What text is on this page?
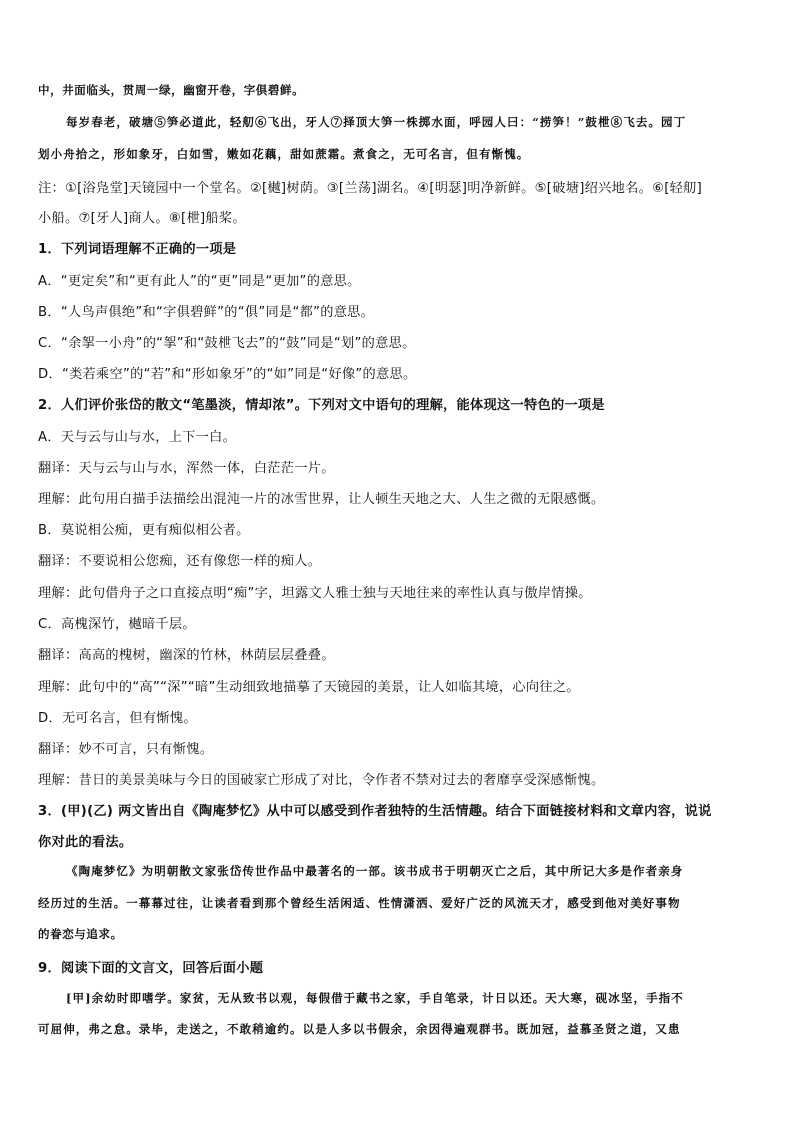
中，井面临头，贯周一绿，幽窗开卷，字俱碧鲜。
每岁春老，破塘⑤笋必道此，轻舠⑥飞出，牙人⑦择顶大笋一株掷水面，呼园人曰：“捞笋！”鼓枻⑧飞去。园丁
划小舟拾之，形如象牙，白如雪，嫩如花藕，甜如蔗霜。煮食之，无可名言，但有惭愧。
注：①[浴凫堂]天镜园中一个堂名。②[樾]树荫。③[兰荡]湖名。④[明瑟]明净新鲜。⑤[破塘]绍兴地名。⑥[轻舠]
小船。⑦[牙人]商人。⑧[枻]船桨。
1．下列词语理解不正确的一项是
A．“更定矣”和“更有此人”的“更”同是“更加”的意思。
B．“人鸟声俱绝”和“字俱碧鲜”的“俱”同是“都”的意思。
C．“余挐一小舟”的“挐”和“鼓枻飞去”的“鼓”同是“划”的意思。
D．“类若乘空”的“若”和“形如象牙”的“如”同是“好像”的意思。
2．人们评价张岱的散文“笔墨淡，情却浓”。下列对文中语句的理解，能体现这一特色的一项是
A．天与云与山与水，上下一白。
翻译：天与云与山与水，浑然一体，白茫茫一片。
理解：此句用白描手法描绘出混沌一片的冰雪世界，让人顿生天地之大、人生之微的无限感慨。
B．莫说相公痴，更有痴似相公者。
翻译：不要说相公您痴，还有像您一样的痴人。
理解：此句借舟子之口直接点明“痴”字，坦露文人雅士独与天地往来的率性认真与傲岸情操。
C．高槐深竹，樾暗千层。
翻译：高高的槐树，幽深的竹林，林荫层层叠叠。
理解：此句中的“高”“深”“暗”生动细致地描摹了天镜园的美景，让人如临其境，心向往之。
D．无可名言，但有惭愧。
翻译：妙不可言，只有惭愧。
理解：昔日的美景美味与今日的国破家亡形成了对比，令作者不禁对过去的奢靡享受深感惭愧。
3．(甲)(乙) 两文皆出自《陶庵梦忆》从中可以感受到作者独特的生活情趣。结合下面链接材料和文章内容，说说
你对此的看法。
《陶庵梦忆》为明朝散文家张岱传世作品中最著名的一部。该书成书于明朝灭亡之后，其中所记大多是作者亲身
经历过的生活。一幕幕过往，让读者看到那个曾经生活闲适、性情潇洒、爱好广泛的风流天才，感受到他对美好事物
的眷恋与追求。
9．阅读下面的文言文，回答后面小题
[甲]余幼时即嗜学。家贫，无从致书以观，每假借于藏书之家，手自笔录，计日以还。天大寒，砚冰坚，手指不
可屈伸，弗之怠。录毕，走送之，不敢稍逾约。以是人多以书假余，余因得遍观群书。既加冠，益慕圣贤之道，又患
